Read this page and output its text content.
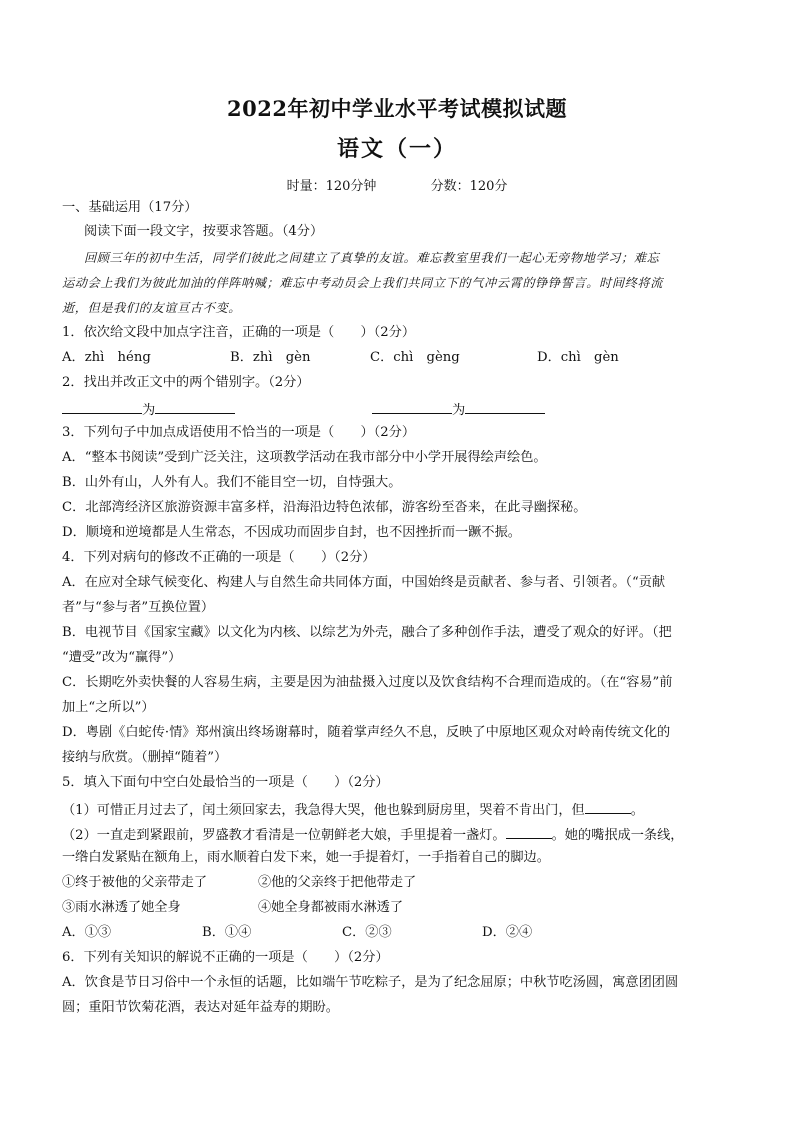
2022年初中学业水平考试模拟试题
语文（一）
时量：120分钟	分数：120分
一、基础运用（17分）
阅读下面一段文字，按要求答题。（4分）
回顾三年的初中生活，同学们彼此之间建立了真挚的友谊。难忘教室里我们一起心无旁物地学习；难忘
运动会上我们为彼此加油的伴阵呐喊；难忘中考动员会上我们共同立下的气冲云霄的铮铮誓言。时间终将流
逝，但是我们的友谊亘古不变。
1．依次给文段中加点字注音，正确的一项是（　　）（2分）
A．zhì　héng	B．zhì　gèn	C．chì　gèng	D．chì　gèn
2．找出并改正文中的两个错别字。（2分）
为	为
3．下列句子中加点成语使用不恰当的一项是（　　）（2分）
A．“整本书阅读”受到广泛关注，这项教学活动在我市部分中小学开展得绘声绘色。
B．山外有山，人外有人。我们不能目空一切，自恃强大。
C．北部湾经济区旅游资源丰富多样，沿海沿边特色浓郁，游客纷至沓来，在此寻幽探秘。
D．顺境和逆境都是人生常态，不因成功而固步自封，也不因挫折而一蹶不振。
4．下列对病句的修改不正确的一项是（　　）（2分）
A．在应对全球气候变化、构建人与自然生命共同体方面，中国始终是贡献者、参与者、引领者。（“贡献
者”与“参与者”互换位置）
B．电视节目《国家宝藏》以文化为内核、以综艺为外壳，融合了多种创作手法，遭受了观众的好评。（把
“遭受”改为“赢得”）
C．长期吃外卖快餐的人容易生病，主要是因为油盐摄入过度以及饮食结构不合理而造成的。（在“容易”前
加上“之所以”）
D．粤剧《白蛇传·情》郑州演出终场谢幕时，随着掌声经久不息，反映了中原地区观众对岭南传统文化的
接纳与欣赏。（删掉“随着”）
5．填入下面句中空白处最恰当的一项是（　　）（2分）
（1）可惜正月过去了，闰土须回家去，我急得大哭，他也躲到厨房里，哭着不肯出门，但	。
（2）一直走到紧跟前，罗盛教才看清是一位朝鲜老大娘，手里提着一盏灯。	。她的嘴抿成一条线，
一绺白发紧贴在额角上，雨水顺着白发下来，她一手提着灯，一手指着自己的脚边。
①终于被他的父亲带走了	②他的父亲终于把他带走了
③雨水淋透了她全身	④她全身都被雨水淋透了
A．①③	B．①④	C．②③	D．②④
6．下列有关知识的解说不正确的一项是（　　）（2分）
A．饮食是节日习俗中一个永恒的话题，比如端午节吃粽子，是为了纪念屈原；中秋节吃汤圆，寓意团团圆
圆；重阳节饮菊花酒，表达对延年益寿的期盼。
